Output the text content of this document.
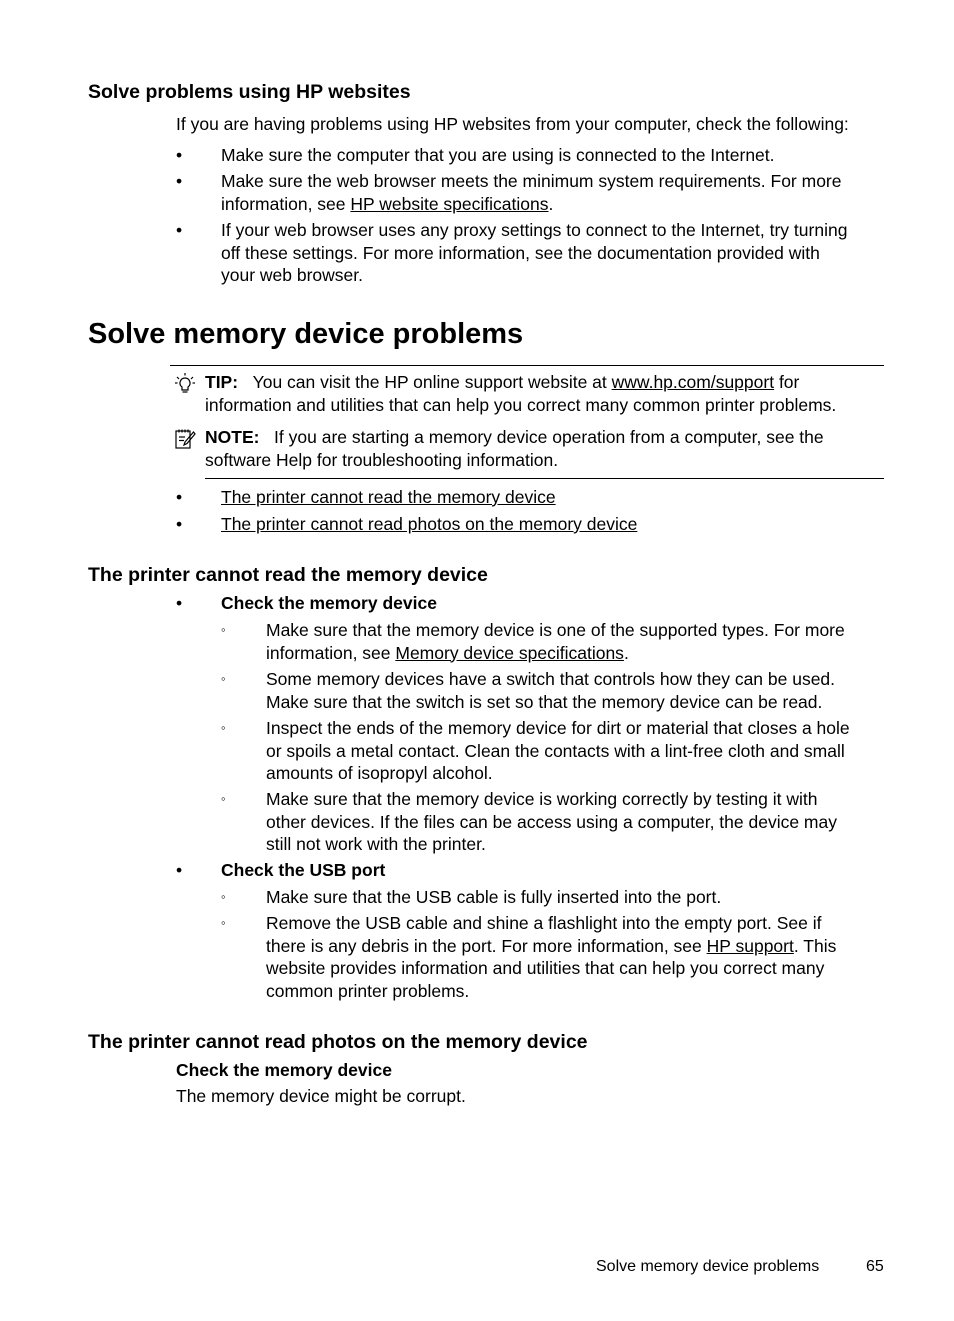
Solve problems using HP websites
If you are having problems using HP websites from your computer, check the following:
• Make sure the computer that you are using is connected to the Internet.
• Make sure the web browser meets the minimum system requirements. For more
information, see HP website specifications.
• If your web browser uses any proxy settings to connect to the Internet, try turning
off these settings. For more information, see the documentation provided with
your web browser.
Solve memory device problems
TIP: You can visit the HP online support website at www.hp.com/support for
information and utilities that can help you correct many common printer problems.
NOTE: If you are starting a memory device operation from a computer, see the
software Help for troubleshooting information.
• The printer cannot read the memory device
• The printer cannot read photos on the memory device
The printer cannot read the memory device
• Check the memory device
◦ Make sure that the memory device is one of the supported types. For more
information, see Memory device specifications.
◦ Some memory devices have a switch that controls how they can be used.
Make sure that the switch is set so that the memory device can be read.
◦ Inspect the ends of the memory device for dirt or material that closes a hole
or spoils a metal contact. Clean the contacts with a lint-free cloth and small
amounts of isopropyl alcohol.
◦ Make sure that the memory device is working correctly by testing it with
other devices. If the files can be access using a computer, the device may
still not work with the printer.
• Check the USB port
◦ Make sure that the USB cable is fully inserted into the port.
◦ Remove the USB cable and shine a flashlight into the empty port. See if
there is any debris in the port. For more information, see HP support. This
website provides information and utilities that can help you correct many
common printer problems.
The printer cannot read photos on the memory device
Check the memory device
The memory device might be corrupt.
Solve memory device problems	65
